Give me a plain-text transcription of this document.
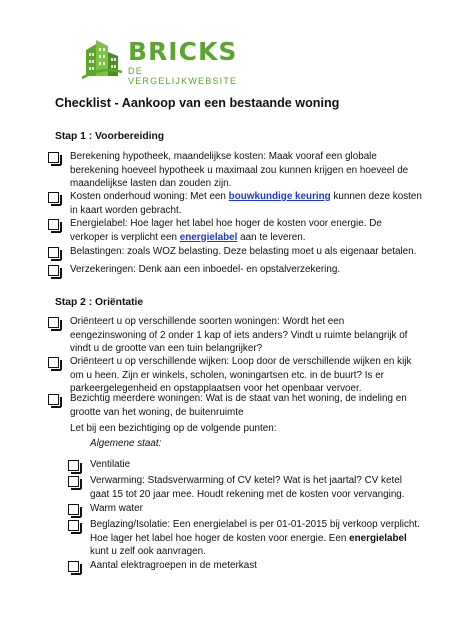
BRICKS
DE VERGELIJKWEBSITE
Checklist - Aankoop van een bestaande woning
Stap 1 : Voorbereiding
Berekening hypotheek, maandelijkse kosten: Maak vooraf een globale
berekening hoeveel hypotheek u maximaal zou kunnen krijgen en hoeveel de
maandelijkse lasten dan zouden zijn.
Kosten onderhoud woning: Met een bouwkundige keuring kunnen deze kosten
in kaart worden gebracht.
Energielabel: Hoe lager het label hoe hoger de kosten voor energie. De
verkoper is verplicht een energielabel aan te leveren.
Belastingen: zoals WOZ belasting. Deze belasting moet u als eigenaar betalen.
Verzekeringen: Denk aan een inboedel- en opstalverzekering.
Stap 2 : Oriëntatie
Oriënteert u op verschillende soorten woningen: Wordt het een
eengezinswoning of 2 onder 1 kap of iets anders? Vindt u ruimte belangrijk of
vindt u de grootte van een tuin belangrijker?
Oriënteert u op verschillende wijken: Loop door de verschillende wijken en kijk
om u heen. Zijn er winkels, scholen, woningartsen etc. in de buurt? Is er
parkeergelegenheid en opstapplaatsen voor het openbaar vervoer.
Bezichtig meerdere woningen: Wat is de staat van het woning, de indeling en
grootte van het woning, de buitenruimte
Let bij een bezichtiging op de volgende punten:
Algemene staat:
Ventilatie
Verwarming: Stadsverwarming of CV ketel? Wat is het jaartal? CV ketel
gaat 15 tot 20 jaar mee. Houdt rekening met de kosten voor vervanging.
Warm water
Beglazing/Isolatie: Een energielabel is per 01-01-2015 bij verkoop verplicht.
Hoe lager het label hoe hoger de kosten voor energie. Een energielabel
kunt u zelf ook aanvragen.
Aantal elektragroepen in de meterkast
